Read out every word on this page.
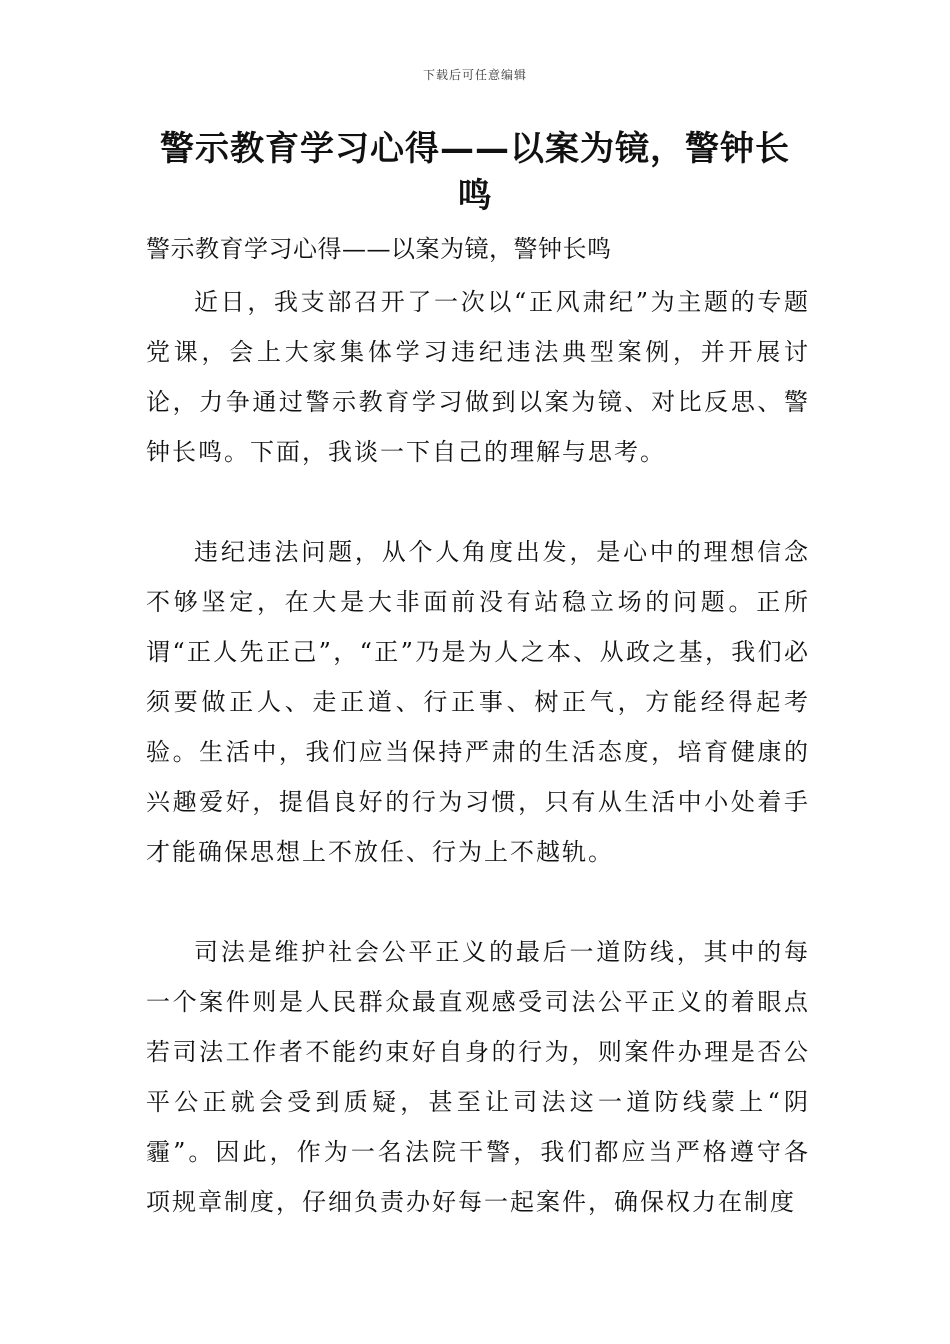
下载后可任意编辑
警示教育学习心得——以案为镜，警钟长鸣

警示教育学习心得——以案为镜，警钟长鸣

近日，我支部召开了一次以“正风肃纪”为主题的专题党课，会上大家集体学习违纪违法典型案例，并开展讨论，力争通过警示教育学习做到以案为镜、对比反思、警钟长鸣。下面，我谈一下自己的理解与思考。

违纪违法问题，从个人角度出发，是心中的理想信念不够坚定，在大是大非面前没有站稳立场的问题。正所谓“正人先正己”，“正”乃是为人之本、从政之基，我们必须要做正人、走正道、行正事、树正气，方能经得起考验。生活中，我们应当保持严肃的生活态度，培育健康的兴趣爱好，提倡良好的行为习惯，只有从生活中小处着手才能确保思想上不放任、行为上不越轨。

司法是维护社会公平正义的最后一道防线，其中的每一个案件则是人民群众最直观感受司法公平正义的着眼点若司法工作者不能约束好自身的行为，则案件办理是否公平公正就会受到质疑，甚至让司法这一道防线蒙上“阴霾”。因此，作为一名法院干警，我们都应当严格遵守各项规章制度，仔细负责办好每一起案件，确保权力在制度
